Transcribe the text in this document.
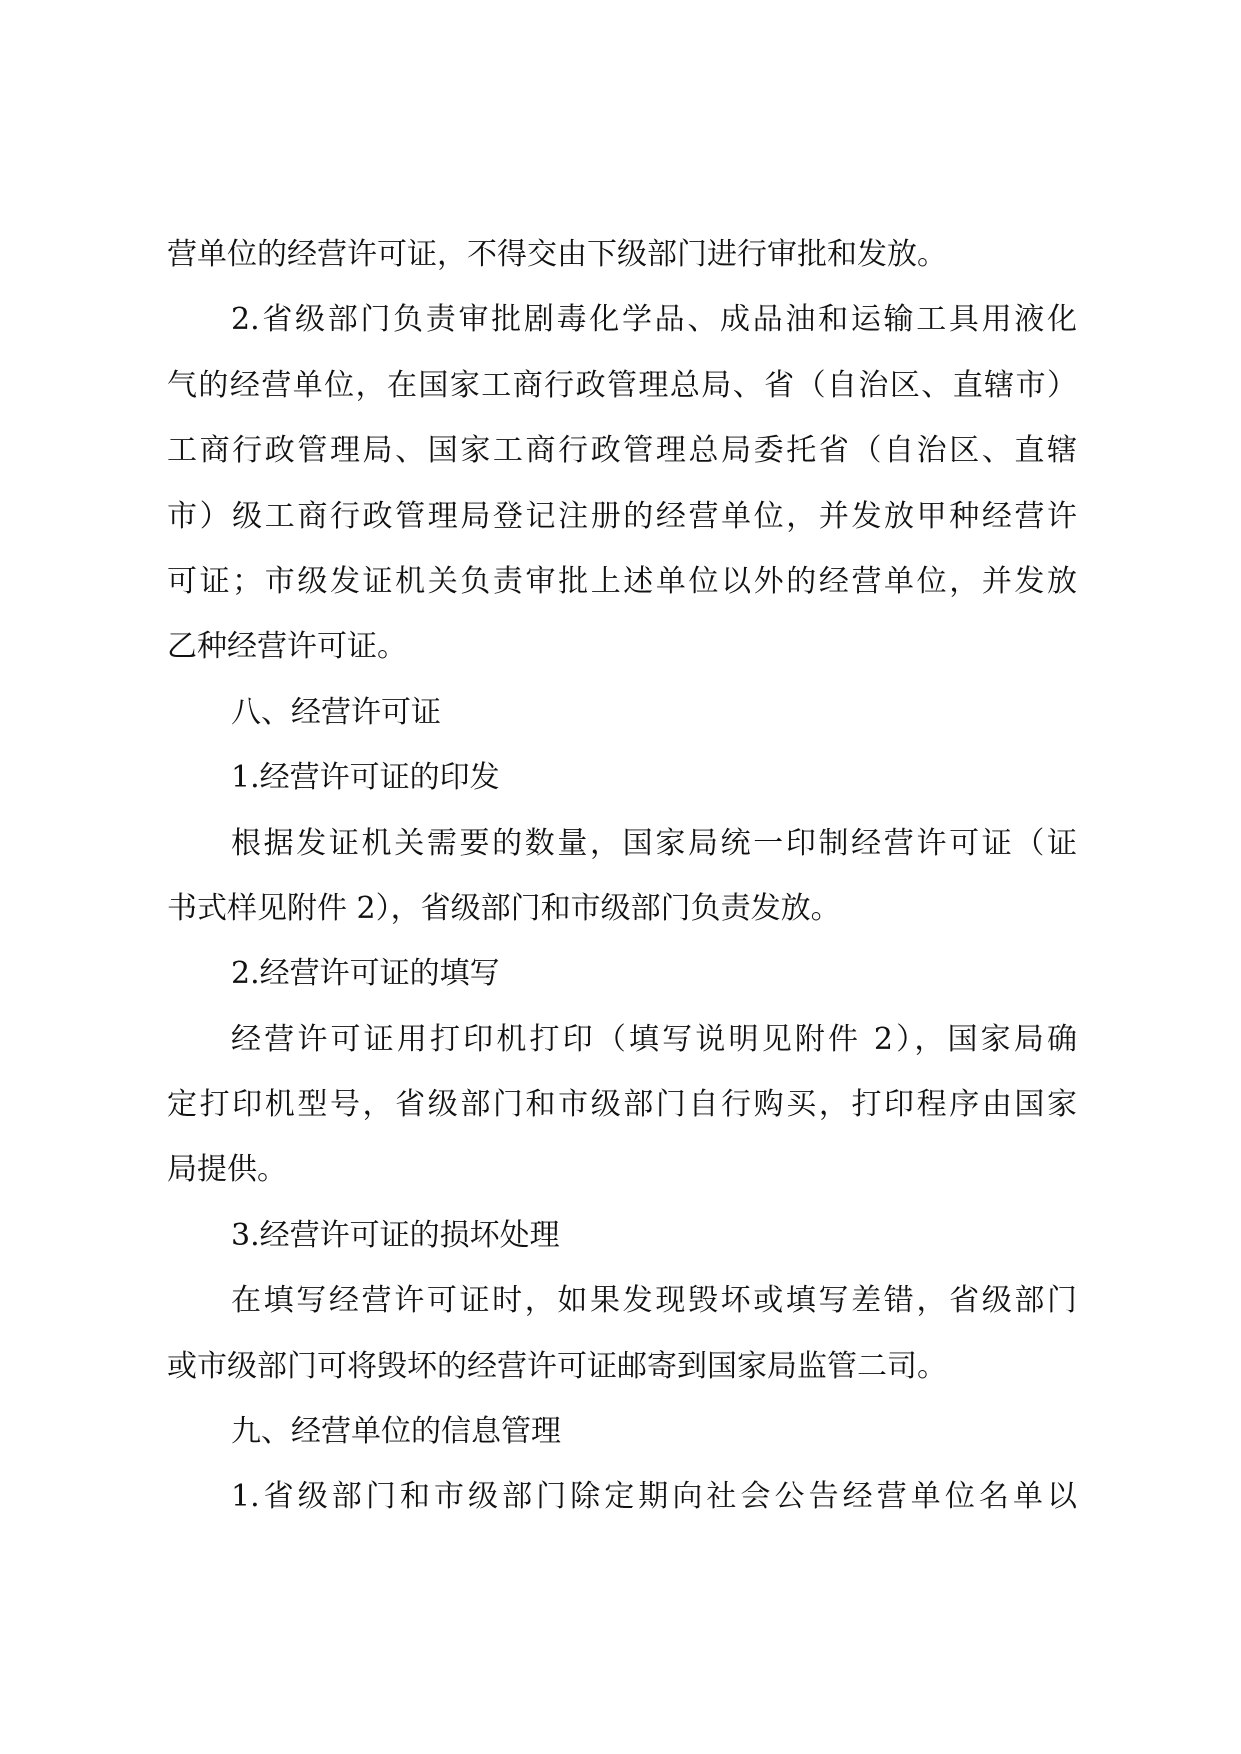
营单位的经营许可证，不得交由下级部门进行审批和发放。
2.省级部门负责审批剧毒化学品、成品油和运输工具用液化
气的经营单位，在国家工商行政管理总局、省（自治区、直辖市）
工商行政管理局、国家工商行政管理总局委托省（自治区、直辖
市）级工商行政管理局登记注册的经营单位，并发放甲种经营许
可证；市级发证机关负责审批上述单位以外的经营单位，并发放
乙种经营许可证。
八、经营许可证
1.经营许可证的印发
根据发证机关需要的数量，国家局统一印制经营许可证（证
书式样见附件 2），省级部门和市级部门负责发放。
2.经营许可证的填写
经营许可证用打印机打印（填写说明见附件 2），国家局确
定打印机型号，省级部门和市级部门自行购买，打印程序由国家
局提供。
3.经营许可证的损坏处理
在填写经营许可证时，如果发现毁坏或填写差错，省级部门
或市级部门可将毁坏的经营许可证邮寄到国家局监管二司。
九、经营单位的信息管理
1.省级部门和市级部门除定期向社会公告经营单位名单以
